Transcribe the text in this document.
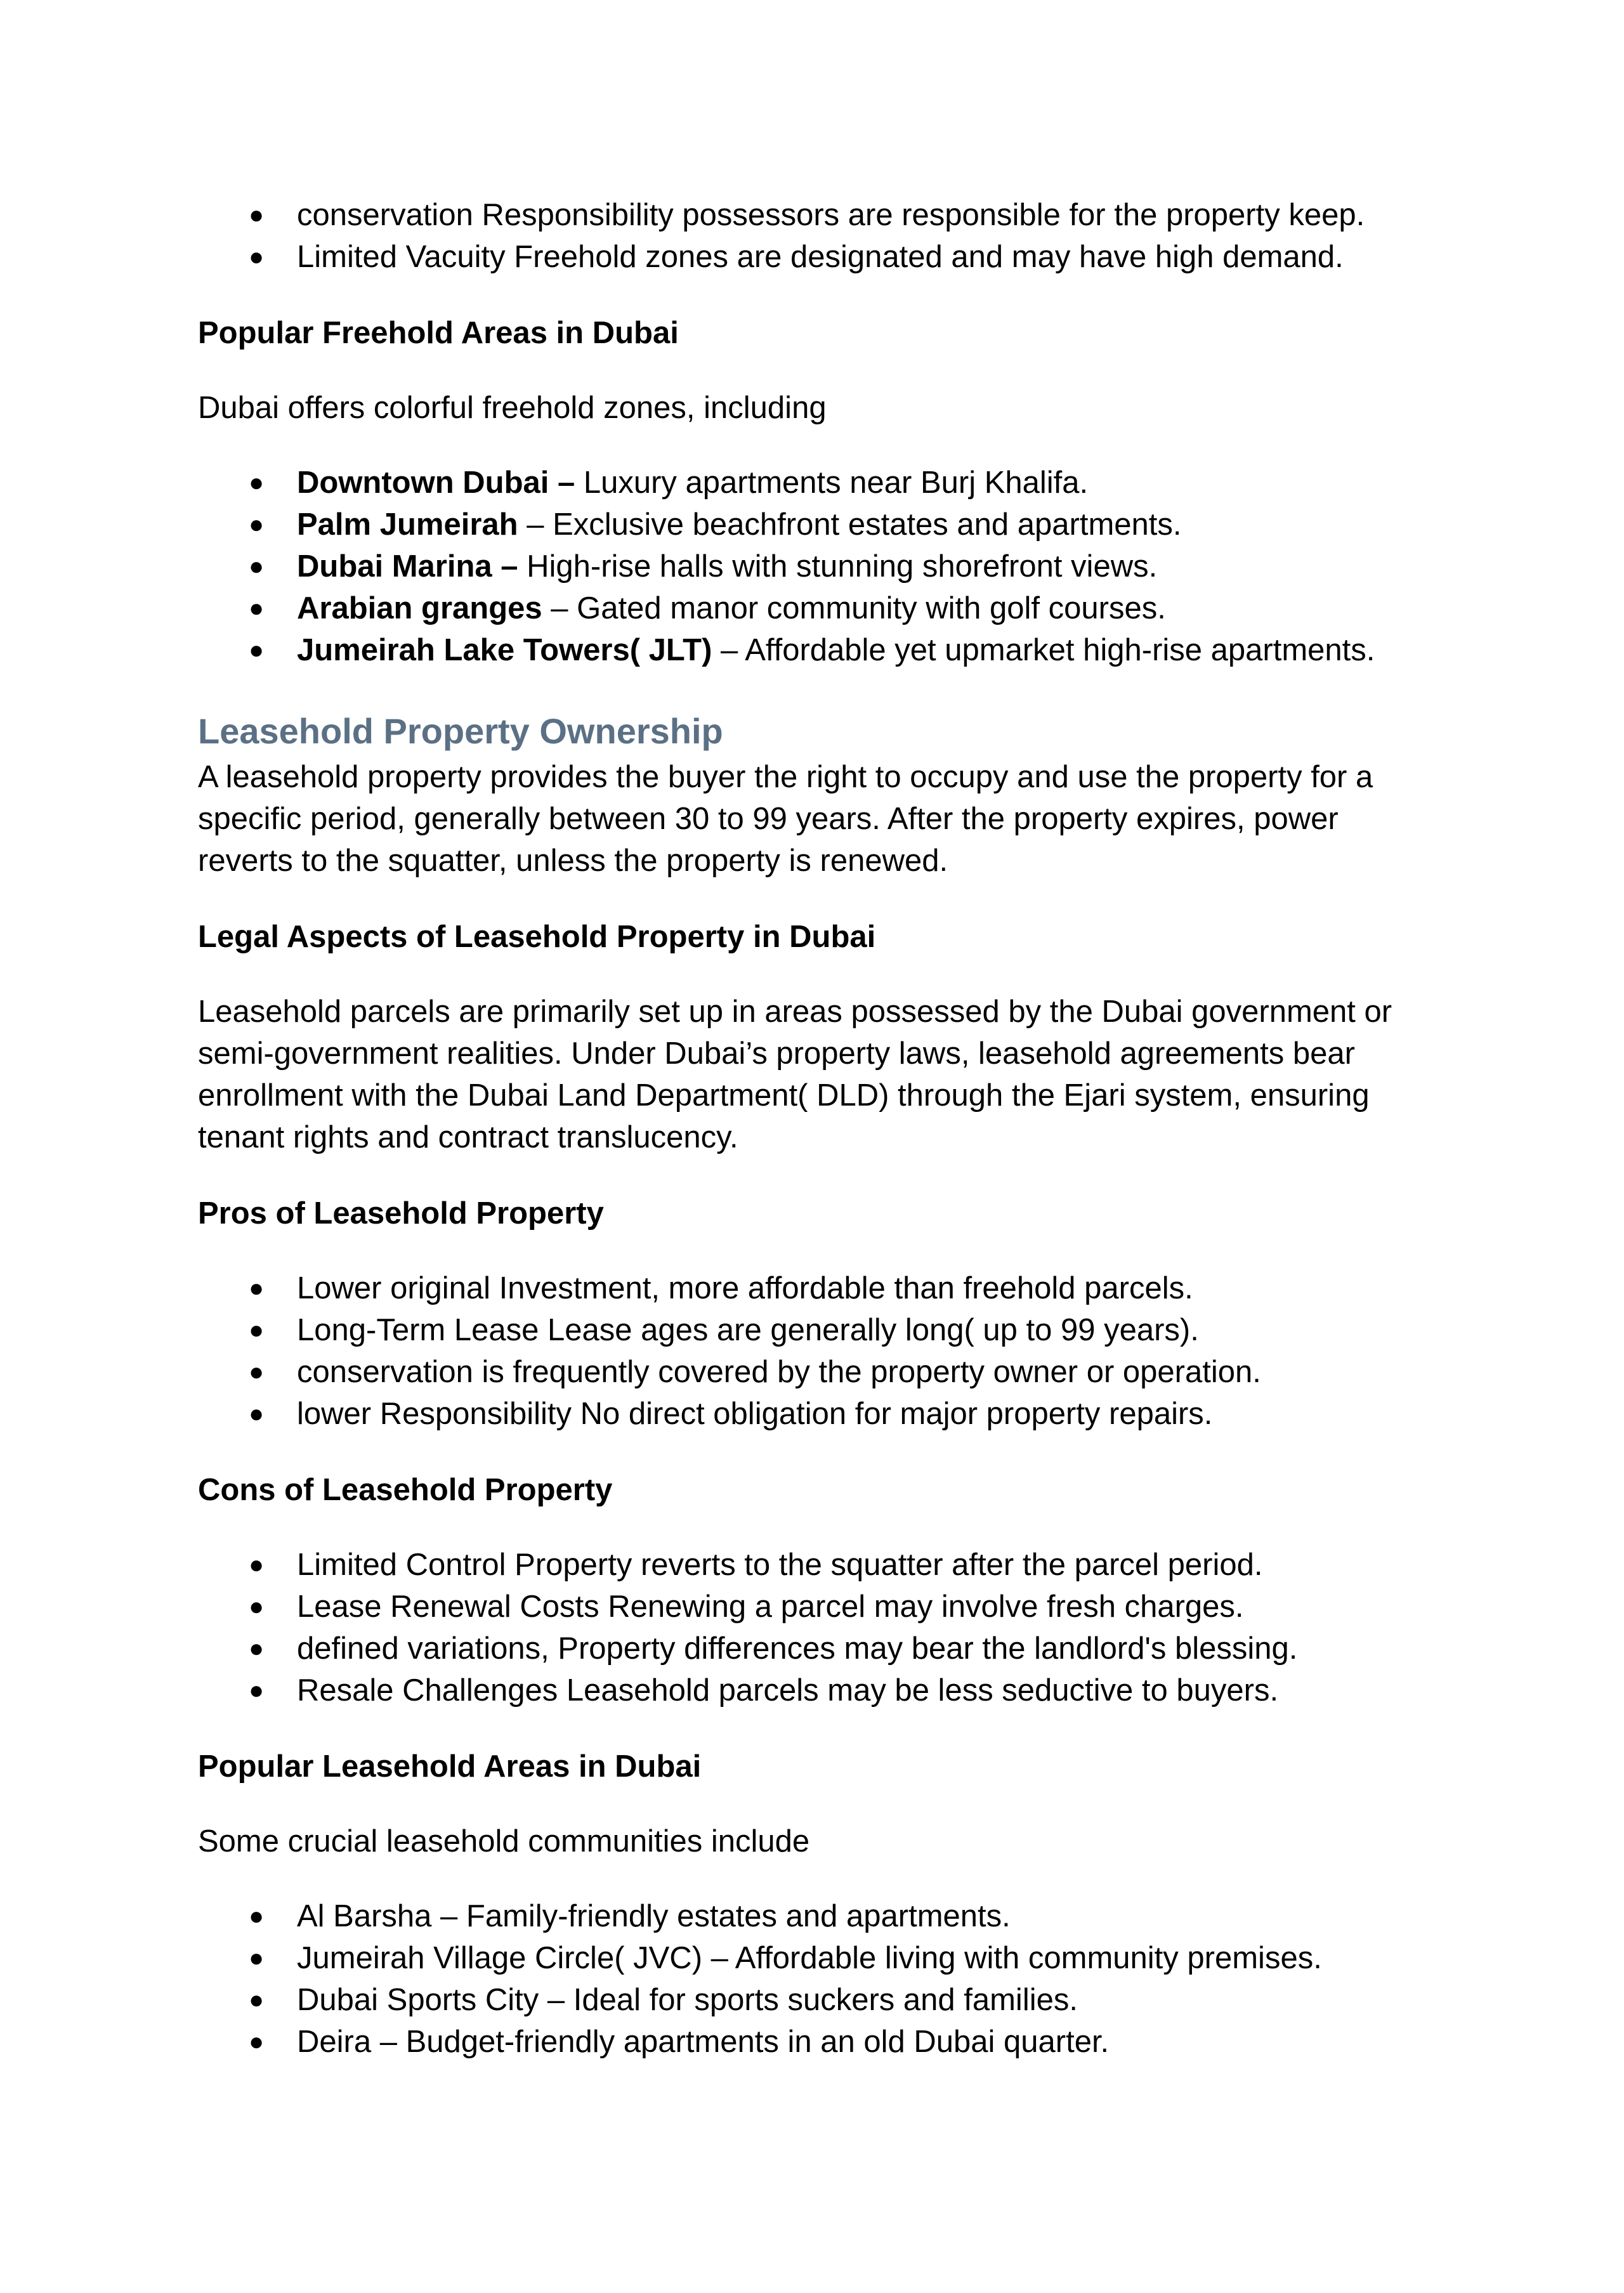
● conservation Responsibility possessors are responsible for the property keep.
● Limited Vacuity Freehold zones are designated and may have high demand.

Popular Freehold Areas in Dubai

Dubai offers colorful freehold zones, including

● Downtown Dubai – Luxury apartments near Burj Khalifa.
● Palm Jumeirah – Exclusive beachfront estates and apartments.
● Dubai Marina – High-rise halls with stunning shorefront views.
● Arabian granges – Gated manor community with golf courses.
● Jumeirah Lake Towers( JLT) – Affordable yet upmarket high-rise apartments.

Leasehold Property Ownership

A leasehold property provides the buyer the right to occupy and use the property for a specific period, generally between 30 to 99 years. After the property expires, power reverts to the squatter, unless the property is renewed.

Legal Aspects of Leasehold Property in Dubai

Leasehold parcels are primarily set up in areas possessed by the Dubai government or semi-government realities. Under Dubai’s property laws, leasehold agreements bear enrollment with the Dubai Land Department( DLD) through the Ejari system, ensuring tenant rights and contract translucency.

Pros of Leasehold Property

● Lower original Investment, more affordable than freehold parcels.
● Long-Term Lease Lease ages are generally long( up to 99 years).
● conservation is frequently covered by the property owner or operation.
● lower Responsibility No direct obligation for major property repairs.

Cons of Leasehold Property

● Limited Control Property reverts to the squatter after the parcel period.
● Lease Renewal Costs Renewing a parcel may involve fresh charges.
● defined variations, Property differences may bear the landlord's blessing.
● Resale Challenges Leasehold parcels may be less seductive to buyers.

Popular Leasehold Areas in Dubai

Some crucial leasehold communities include

● Al Barsha – Family-friendly estates and apartments.
● Jumeirah Village Circle( JVC) – Affordable living with community premises.
● Dubai Sports City – Ideal for sports suckers and families.
● Deira – Budget-friendly apartments in an old Dubai quarter.
